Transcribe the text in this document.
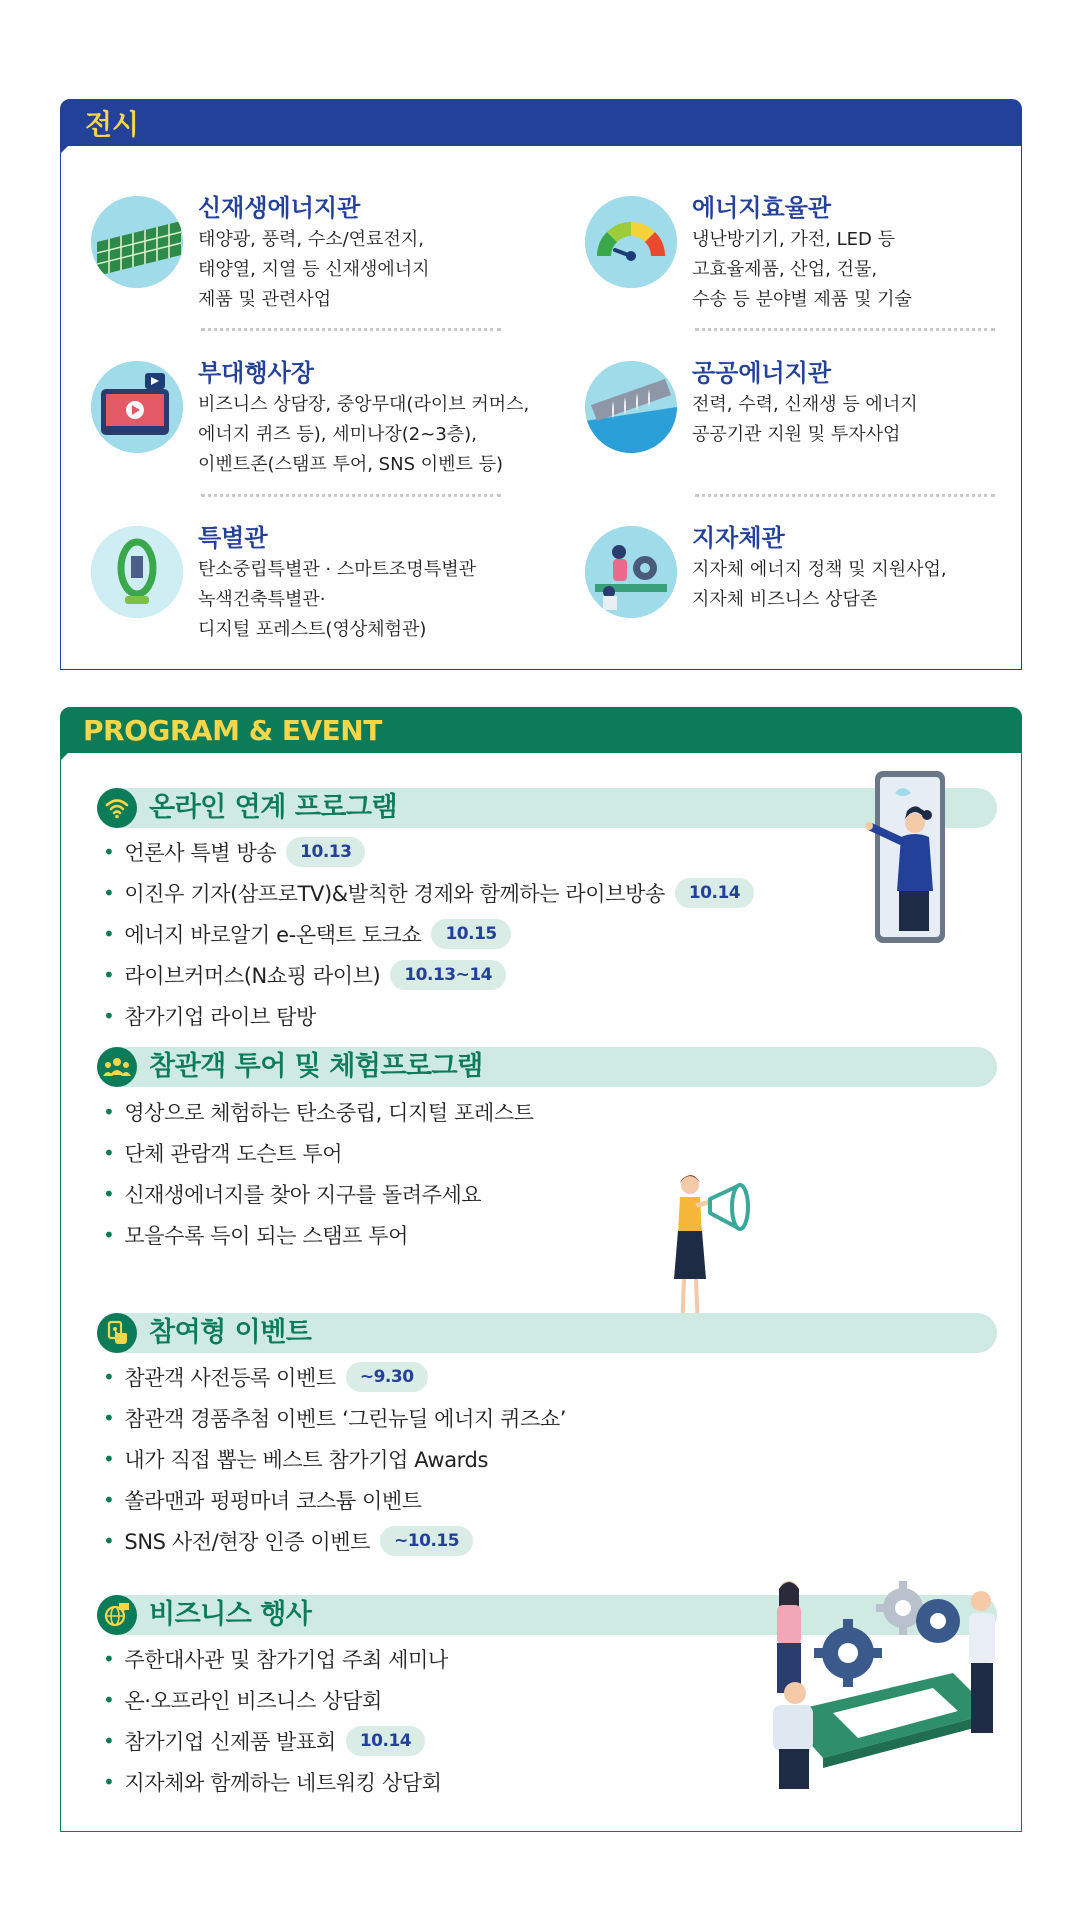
전시
신재생에너지관
태양광, 풍력, 수소/연료전지,
태양열, 지열 등 신재생에너지
제품 및 관련사업
에너지효율관
냉난방기기, 가전, LED 등
고효율제품, 산업, 건물,
수송 등 분야별 제품 및 기술
부대행사장
비즈니스 상담장, 중앙무대(라이브 커머스,
에너지 퀴즈 등), 세미나장(2~3층),
이벤트존(스탬프 투어, SNS 이벤트 등)
공공에너지관
전력, 수력, 신재생 등 에너지
공공기관 지원 및 투자사업
특별관
탄소중립특별관 · 스마트조명특별관
녹색건축특별관·
디지털 포레스트(영상체험관)
지자체관
지자체 에너지 정책 및 지원사업,
지자체 비즈니스 상담존
PROGRAM & EVENT
온라인 연계 프로그램
• 언론사 특별 방송	10.13
• 이진우 기자(삼프로TV)&발칙한 경제와 함께하는 라이브방송	10.14
• 에너지 바로알기 e-온택트 토크쇼	10.15
• 라이브커머스(N쇼핑 라이브)	10.13~14
• 참가기업 라이브 탐방
참관객 투어 및 체험프로그램
• 영상으로 체험하는 탄소중립, 디지털 포레스트
• 단체 관람객 도슨트 투어
• 신재생에너지를 찾아 지구를 돌려주세요
• 모을수록 득이 되는 스탬프 투어
참여형 이벤트
• 참관객 사전등록 이벤트	~9.30
• 참관객 경품추첨 이벤트 ‘그린뉴딜 에너지 퀴즈쇼’
• 내가 직접 뽑는 베스트 참가기업 Awards
• 쏠라맨과 펑펑마녀 코스튬 이벤트
• SNS 사전/현장 인증 이벤트	~10.15
비즈니스 행사
• 주한대사관 및 참가기업 주최 세미나
• 온·오프라인 비즈니스 상담회
• 참가기업 신제품 발표회	10.14
• 지자체와 함께하는 네트워킹 상담회
